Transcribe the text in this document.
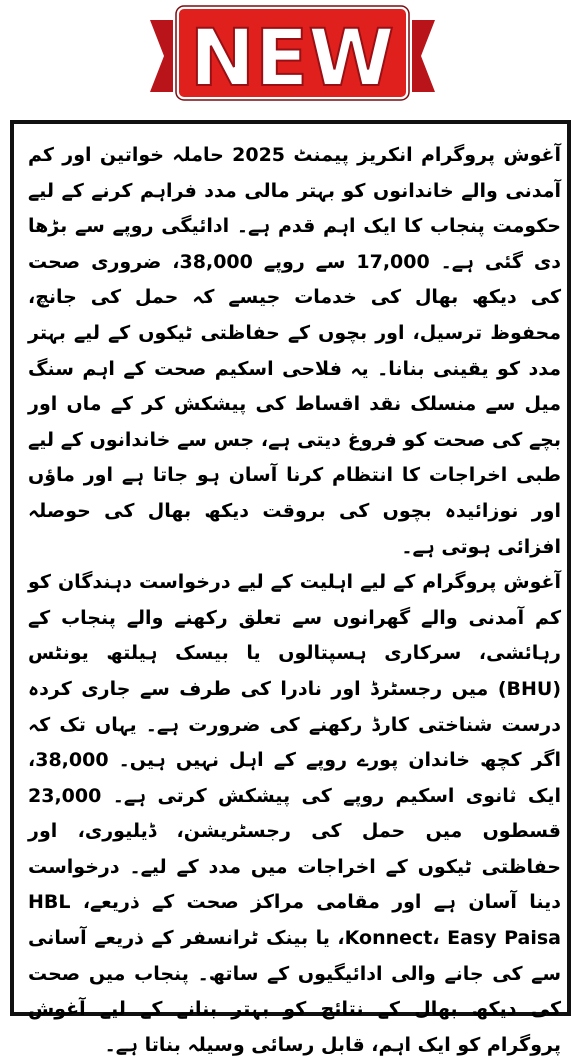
NEW

آغوش پروگرام انکریز پیمنٹ 2025 حاملہ خواتین اور کم آمدنی والے خاندانوں کو بہتر مالی مدد فراہم کرنے کے لیے حکومت پنجاب کا ایک اہم قدم ہے۔ ادائیگی روپے سے بڑھا دی گئی ہے۔ 17,000 سے روپے 38,000، ضروری صحت کی دیکھ بھال کی خدمات جیسے کہ حمل کی جانچ، محفوظ ترسیل، اور بچوں کے حفاظتی ٹیکوں کے لیے بہتر مدد کو یقینی بنانا۔ یہ فلاحی اسکیم صحت کے اہم سنگ میل سے منسلک نقد اقساط کی پیشکش کر کے ماں اور بچے کی صحت کو فروغ دیتی ہے، جس سے خاندانوں کے لیے طبی اخراجات کا انتظام کرنا آسان ہو جاتا ہے اور ماؤں اور نوزائیدہ بچوں کی بروقت دیکھ بھال کی حوصلہ افزائی ہوتی ہے۔

آغوش پروگرام کے لیے اہلیت کے لیے درخواست دہندگان کو کم آمدنی والے گھرانوں سے تعلق رکھنے والے پنجاب کے رہائشی، سرکاری ہسپتالوں یا بیسک ہیلتھ یونٹس (BHU) میں رجسٹرڈ اور نادرا کی طرف سے جاری کردہ درست شناختی کارڈ رکھنے کی ضرورت ہے۔ یہاں تک کہ اگر کچھ خاندان پورے روپے کے اہل نہیں ہیں۔ 38,000، ایک ثانوی اسکیم روپے کی پیشکش کرتی ہے۔ 23,000 قسطوں میں حمل کی رجسٹریشن، ڈیلیوری، اور حفاظتی ٹیکوں کے اخراجات میں مدد کے لیے۔ درخواست دینا آسان ہے اور مقامی مراکز صحت کے ذریعے، HBL Konnect، Easy Paisa، یا بینک ٹرانسفر کے ذریعے آسانی سے کی جانے والی ادائیگیوں کے ساتھ۔ پنجاب میں صحت کی دیکھ بھال کے نتائج کو بہتر بنانے کے لیے آغوش پروگرام کو ایک اہم، قابل رسائی وسیلہ بناتا ہے۔
